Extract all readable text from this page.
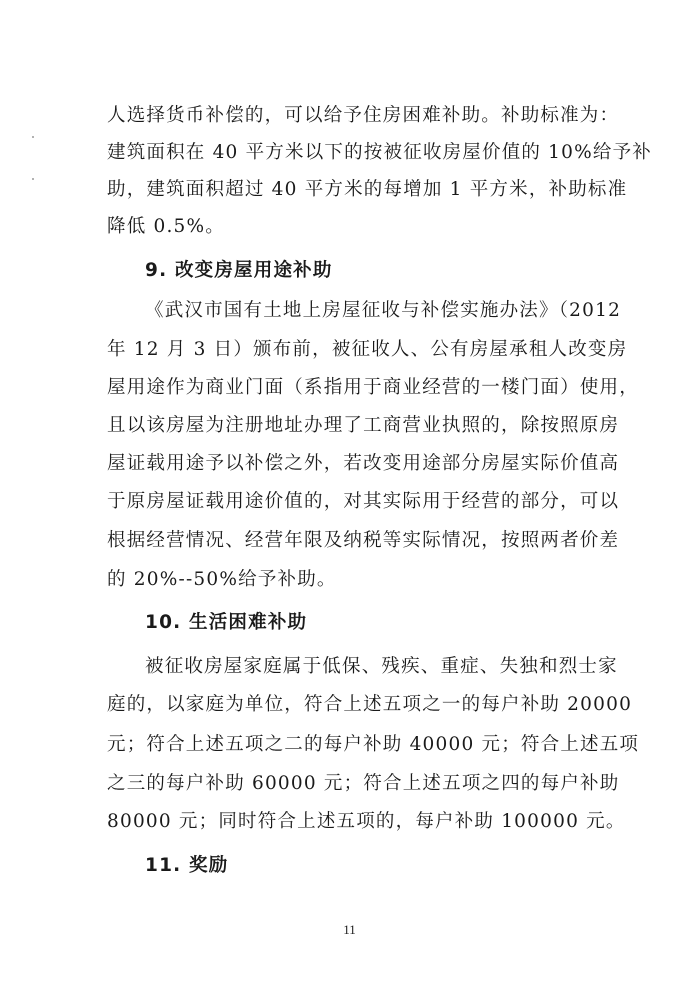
人选择货币补偿的，可以给予住房困难补助。补助标准为：
建筑面积在 40 平方米以下的按被征收房屋价值的 10%给予补
助，建筑面积超过 40 平方米的每增加 1 平方米，补助标准
降低 0.5%。
9. 改变房屋用途补助
《武汉市国有土地上房屋征收与补偿实施办法》（2012
年 12 月 3 日）颁布前，被征收人、公有房屋承租人改变房
屋用途作为商业门面（系指用于商业经营的一楼门面）使用，
且以该房屋为注册地址办理了工商营业执照的，除按照原房
屋证载用途予以补偿之外，若改变用途部分房屋实际价值高
于原房屋证载用途价值的，对其实际用于经营的部分，可以
根据经营情况、经营年限及纳税等实际情况，按照两者价差
的 20%--50%给予补助。
10. 生活困难补助
被征收房屋家庭属于低保、残疾、重症、失独和烈士家
庭的，以家庭为单位，符合上述五项之一的每户补助 20000
元；符合上述五项之二的每户补助 40000 元；符合上述五项
之三的每户补助 60000 元；符合上述五项之四的每户补助
80000 元；同时符合上述五项的，每户补助 100000 元。
11. 奖励
11
